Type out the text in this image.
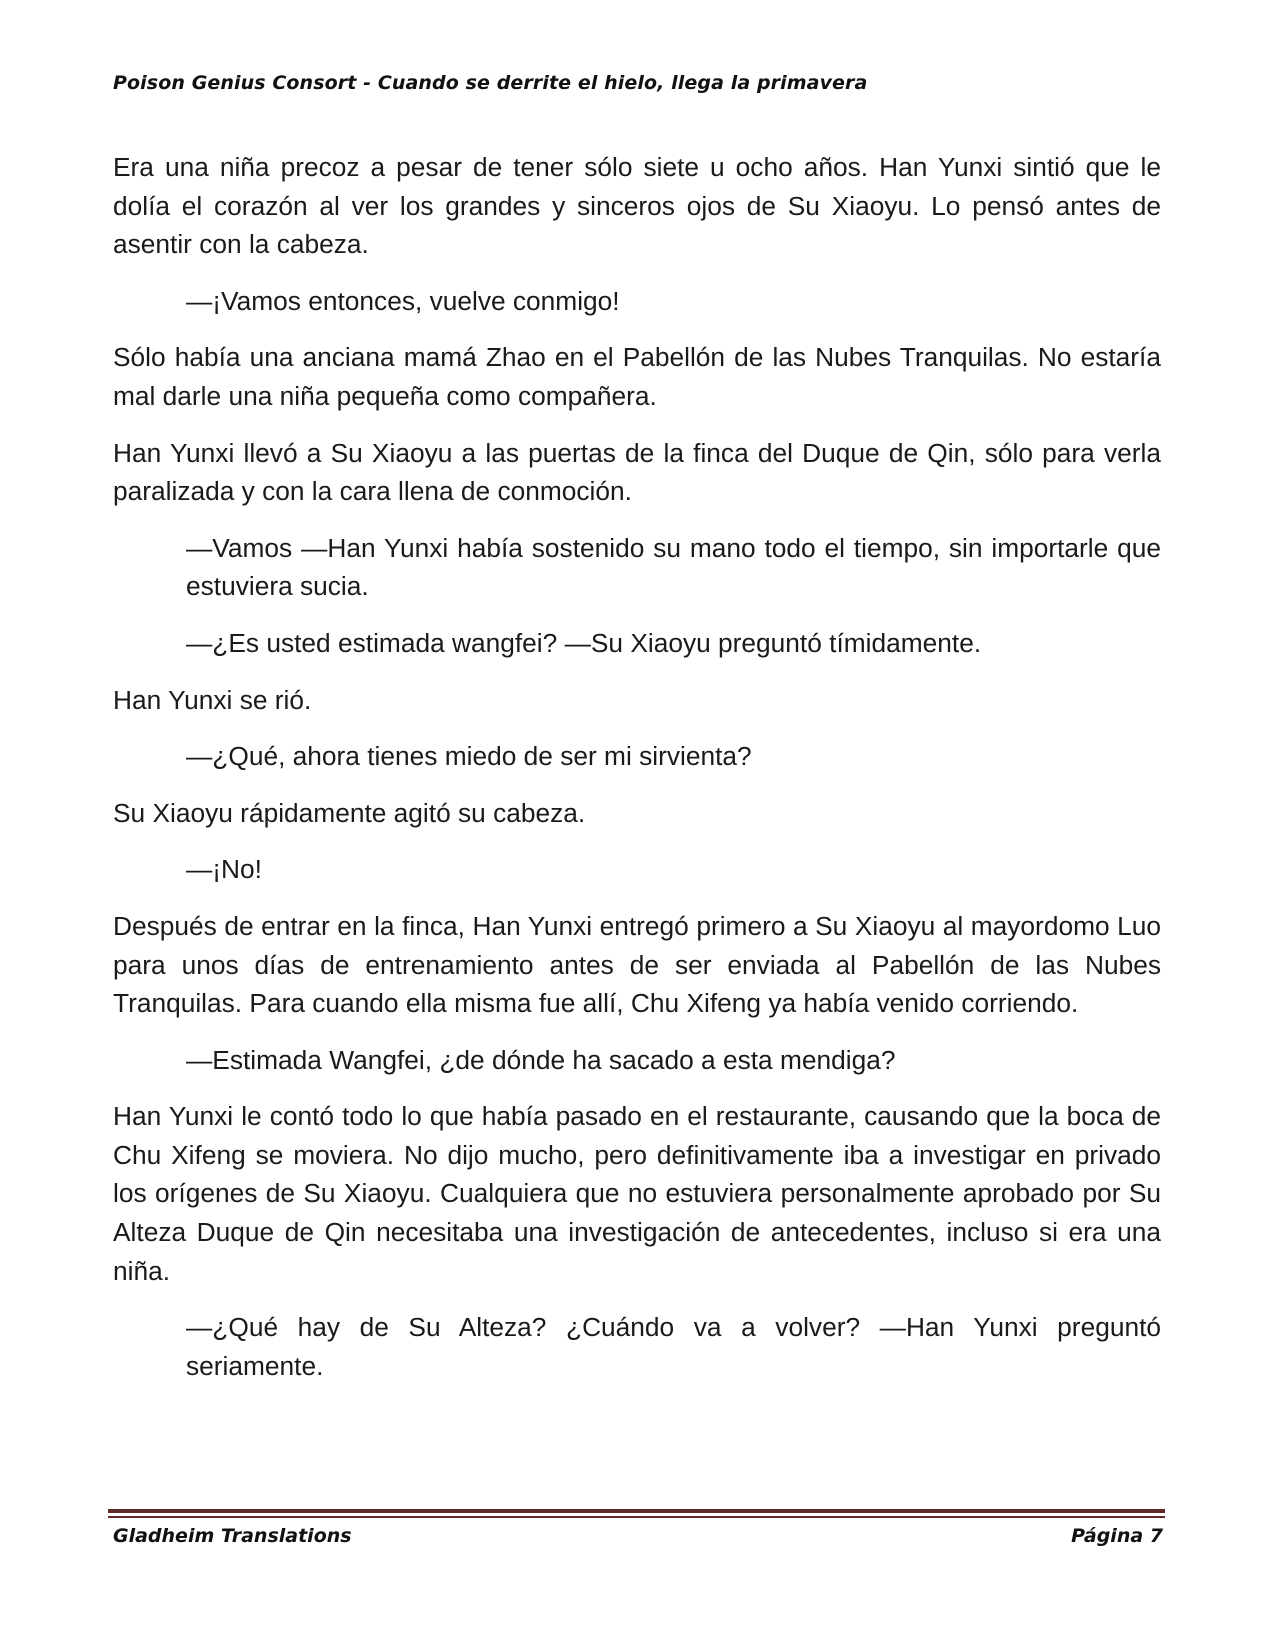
Poison Genius Consort - Cuando se derrite el hielo, llega la primavera

Era una niña precoz a pesar de tener sólo siete u ocho años. Han Yunxi sintió que le dolía el corazón al ver los grandes y sinceros ojos de Su Xiaoyu. Lo pensó antes de asentir con la cabeza.

—¡Vamos entonces, vuelve conmigo!

Sólo había una anciana mamá Zhao en el Pabellón de las Nubes Tranquilas. No estaría mal darle una niña pequeña como compañera.

Han Yunxi llevó a Su Xiaoyu a las puertas de la finca del Duque de Qin, sólo para verla paralizada y con la cara llena de conmoción.

—Vamos —Han Yunxi había sostenido su mano todo el tiempo, sin importarle que estuviera sucia.

—¿Es usted estimada wangfei? —Su Xiaoyu preguntó tímidamente.

Han Yunxi se rió.

—¿Qué, ahora tienes miedo de ser mi sirvienta?

Su Xiaoyu rápidamente agitó su cabeza.

—¡No!

Después de entrar en la finca, Han Yunxi entregó primero a Su Xiaoyu al mayordomo Luo para unos días de entrenamiento antes de ser enviada al Pabellón de las Nubes Tranquilas. Para cuando ella misma fue allí, Chu Xifeng ya había venido corriendo.

—Estimada Wangfei, ¿de dónde ha sacado a esta mendiga?

Han Yunxi le contó todo lo que había pasado en el restaurante, causando que la boca de Chu Xifeng se moviera. No dijo mucho, pero definitivamente iba a investigar en privado los orígenes de Su Xiaoyu. Cualquiera que no estuviera personalmente aprobado por Su Alteza Duque de Qin necesitaba una investigación de antecedentes, incluso si era una niña.

—¿Qué hay de Su Alteza? ¿Cuándo va a volver? —Han Yunxi preguntó seriamente.

Gladheim Translations	Página 7
